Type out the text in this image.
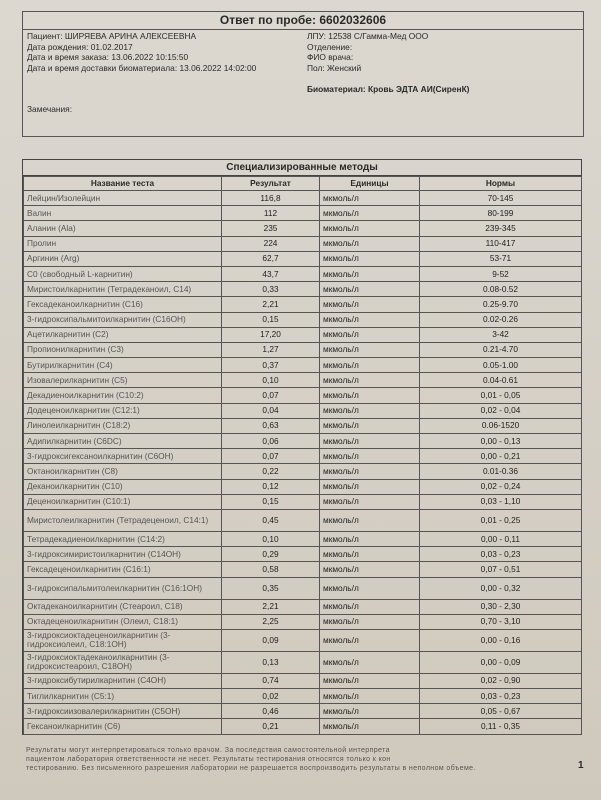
Ответ по пробе: 6602032606
Пациент: ШИРЯЕВА АРИНА АЛЕКСЕЕВНА
Дата рождения: 01.02.2017
Дата и время заказа: 13.06.2022 10:15:50
Дата и время доставки биоматериала: 13.06.2022 14:02:00
ЛПУ: 12538 С/Гамма-Мед ООО
Отделение:
ФИО врача:
Пол: Женский
Биоматериал: Кровь ЭДТА АИ(СиренК)
Замечания:
Специализированные методы
Название теста	Результат	Единицы	Нормы
Лейцин/Изолейцин	116,8	мкмоль/л	70-145
Валин	112	мкмоль/л	80-199
Аланин (Ala)	235	мкмоль/л	239-345
Пролин	224	мкмоль/л	110-417
Аргинин (Arg)	62,7	мкмоль/л	53-71
C0 (свободный L-карнитин)	43,7	мкмоль/л	9-52
Миристоилкарнитин (Тетрадеканоил, C14)	0,33	мкмоль/л	0.08-0.52
Гексадеканоилкарнитин (C16)	2,21	мкмоль/л	0.25-9.70
3-гидроксипальмитоилкарнитин (C16OH)	0,15	мкмоль/л	0.02-0.26
Ацетилкарнитин (C2)	17,20	мкмоль/л	3-42
Пропионилкарнитин (C3)	1,27	мкмоль/л	0.21-4.70
Бутирилкарнитин (C4)	0,37	мкмоль/л	0.05-1.00
Изовалерилкарнитин (C5)	0,10	мкмоль/л	0.04-0.61
Декадиеноилкарнитин (C10:2)	0,07	мкмоль/л	0,01 - 0,05
Додеценоилкарнитин (C12:1)	0,04	мкмоль/л	0,02 - 0,04
Линолеилкарнитин (C18:2)	0,63	мкмоль/л	0.06-1520
Адипилкарнитин (C6DC)	0,06	мкмоль/л	0,00 - 0,13
3-гидроксигексаноилкарнитин (C6OH)	0,07	мкмоль/л	0,00 - 0,21
Октаноилкарнитин (C8)	0,22	мкмоль/л	0.01-0.36
Деканоилкарнитин (C10)	0,12	мкмоль/л	0,02 - 0,24
Деценоилкарнитин (C10:1)	0,15	мкмоль/л	0,03 - 1,10
Миристолеилкарнитин (Тетрадеценоил, C14:1)	0,45	мкмоль/л	0,01 - 0,25
Тетрадекадиеноилкарнитин (C14:2)	0,10	мкмоль/л	0,00 - 0,11
3-гидроксимиристоилкарнитин (C14OH)	0,29	мкмоль/л	0,03 - 0,23
Гексадеценоилкарнитин (C16:1)	0,58	мкмоль/л	0,07 - 0,51
3-гидроксипальмитолеилкарнитин (C16:1OH)	0,35	мкмоль/л	0,00 - 0,32
Октадеканоилкарнитин (Стеароил, C18)	2,21	мкмоль/л	0,30 - 2,30
Октадеценоилкарнитин (Олеил, C18:1)	2,25	мкмоль/л	0,70 - 3,10
3-гидроксиоктадеценоилкарнитин (3-гидроксиолеил, C18:1OH)	0,09	мкмоль/л	0,00 - 0,16
3-гидроксиоктадеканоилкарнитин (3-гидроксистеароил, C18OH)	0,13	мкмоль/л	0,00 - 0,09
3-гидроксибутирилкарнитин (C4OH)	0,74	мкмоль/л	0,02 - 0,90
Тиглилкарнитин (C5:1)	0,02	мкмоль/л	0,03 - 0,23
3-гидроксиизовалерилкарнитин (C5OH)	0,46	мкмоль/л	0,05 - 0,67
Гексаноилкарнитин (C6)	0,21	мкмоль/л	0,11 - 0,35
Результаты могут интерпретироваться только врачом. За последствия самостоятельной интерпрета
пациентом лаборатория ответственности не несет. Результаты тестирования относятся только к кон
тестированию. Без письменного разрешения лаборатории не разрешается воспроизводить результаты в неполном объеме.	1
